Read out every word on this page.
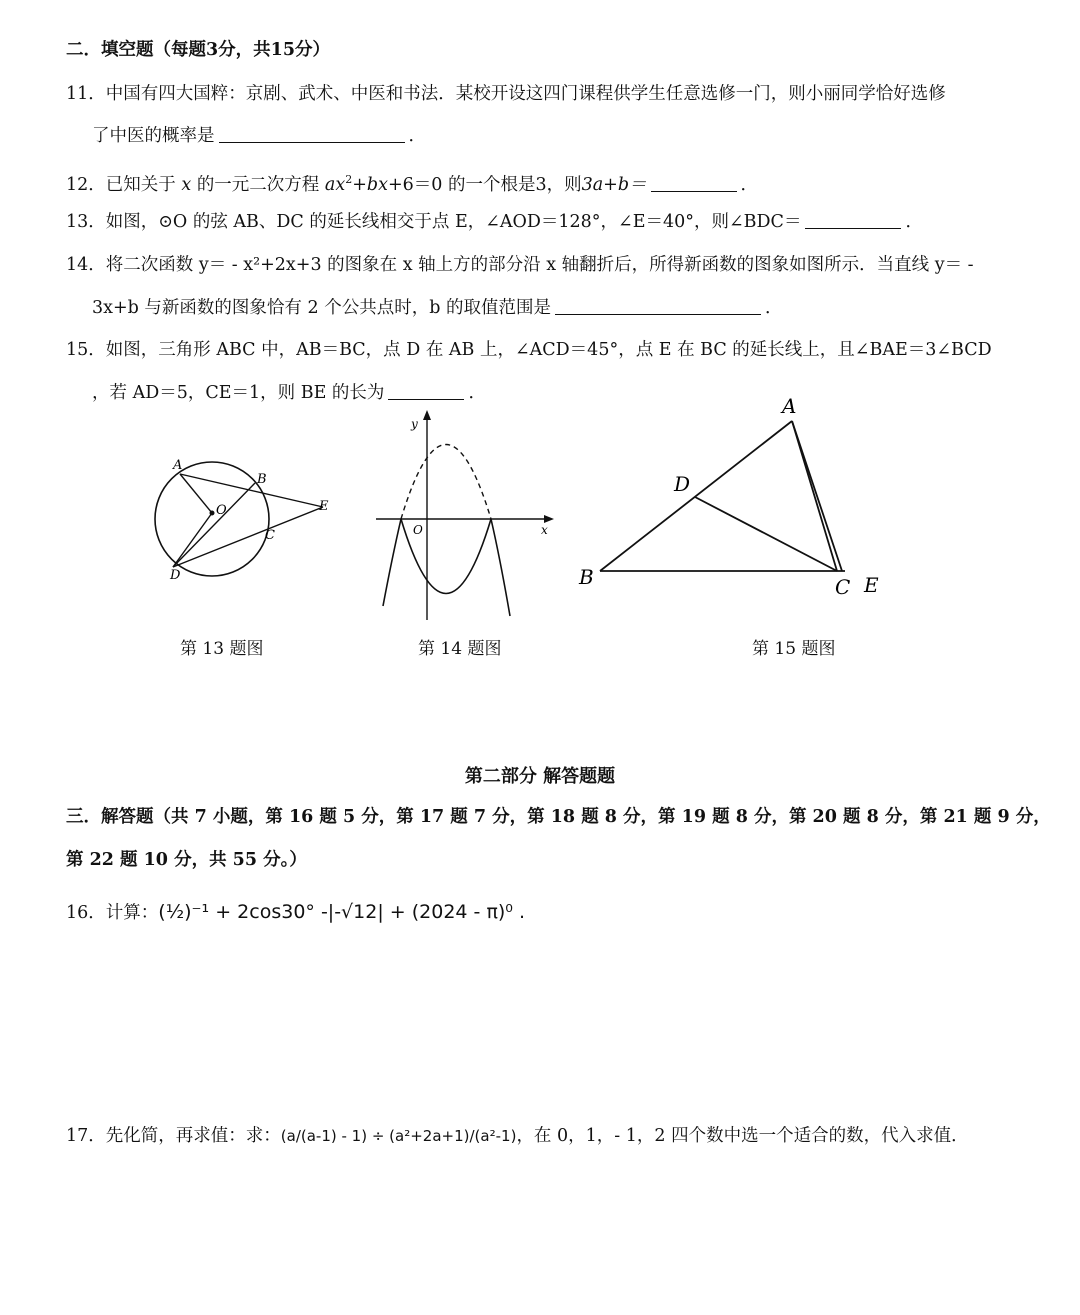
二．填空题（每题3分，共15分）
11．中国有四大国粹：京剧、武术、中医和书法．某校开设这四门课程供学生任意选修一门，则小丽同学恰好选修
了中医的概率是	．
12．已知关于 x 的一元二次方程 $ax^2+bx+6=0$ 的一个根是3，则3a+b＝	．
13．如图，⊙O 的弦 AB、DC 的延长线相交于点 E，∠AOD＝128°，∠E＝40°，则∠BDC＝	．
14．将二次函数 y＝ - x²+2x+3 的图象在 x 轴上方的部分沿 x 轴翻折后，所得新函数的图象如图所示．当直线 y＝ -
3x+b 与新函数的图象恰有 2 个公共点时，b 的取值范围是	．
15．如图，三角形 ABC 中，AB＝BC，点 D 在 AB 上，∠ACD＝45°，点 E 在 BC 的延长线上，且∠BAE＝3∠BCD
，若 AD＝5，CE＝1，则 BE 的长为	．
A
B
O	E
C
D
y
x
O
A
D
B	C E
第 13 题图	第 14 题图	第 15 题图
第二部分 解答题题
三．解答题（共 7 小题，第 16 题 5 分，第 17 题 7 分，第 18 题 8 分，第 19 题 8 分，第 20 题 8 分，第 21 题 9 分，
第 22 题 10 分，共 55 分。）
16．计算：(½)⁻¹ + 2cos30° -|-√12| + (2024 - π)⁰ .
17．先化简，再求值：求：(a/(a-1) - 1) ÷ (a²+2a+1)/(a²-1)，在 0，1，- 1，2 四个数中选一个适合的数，代入求值．
